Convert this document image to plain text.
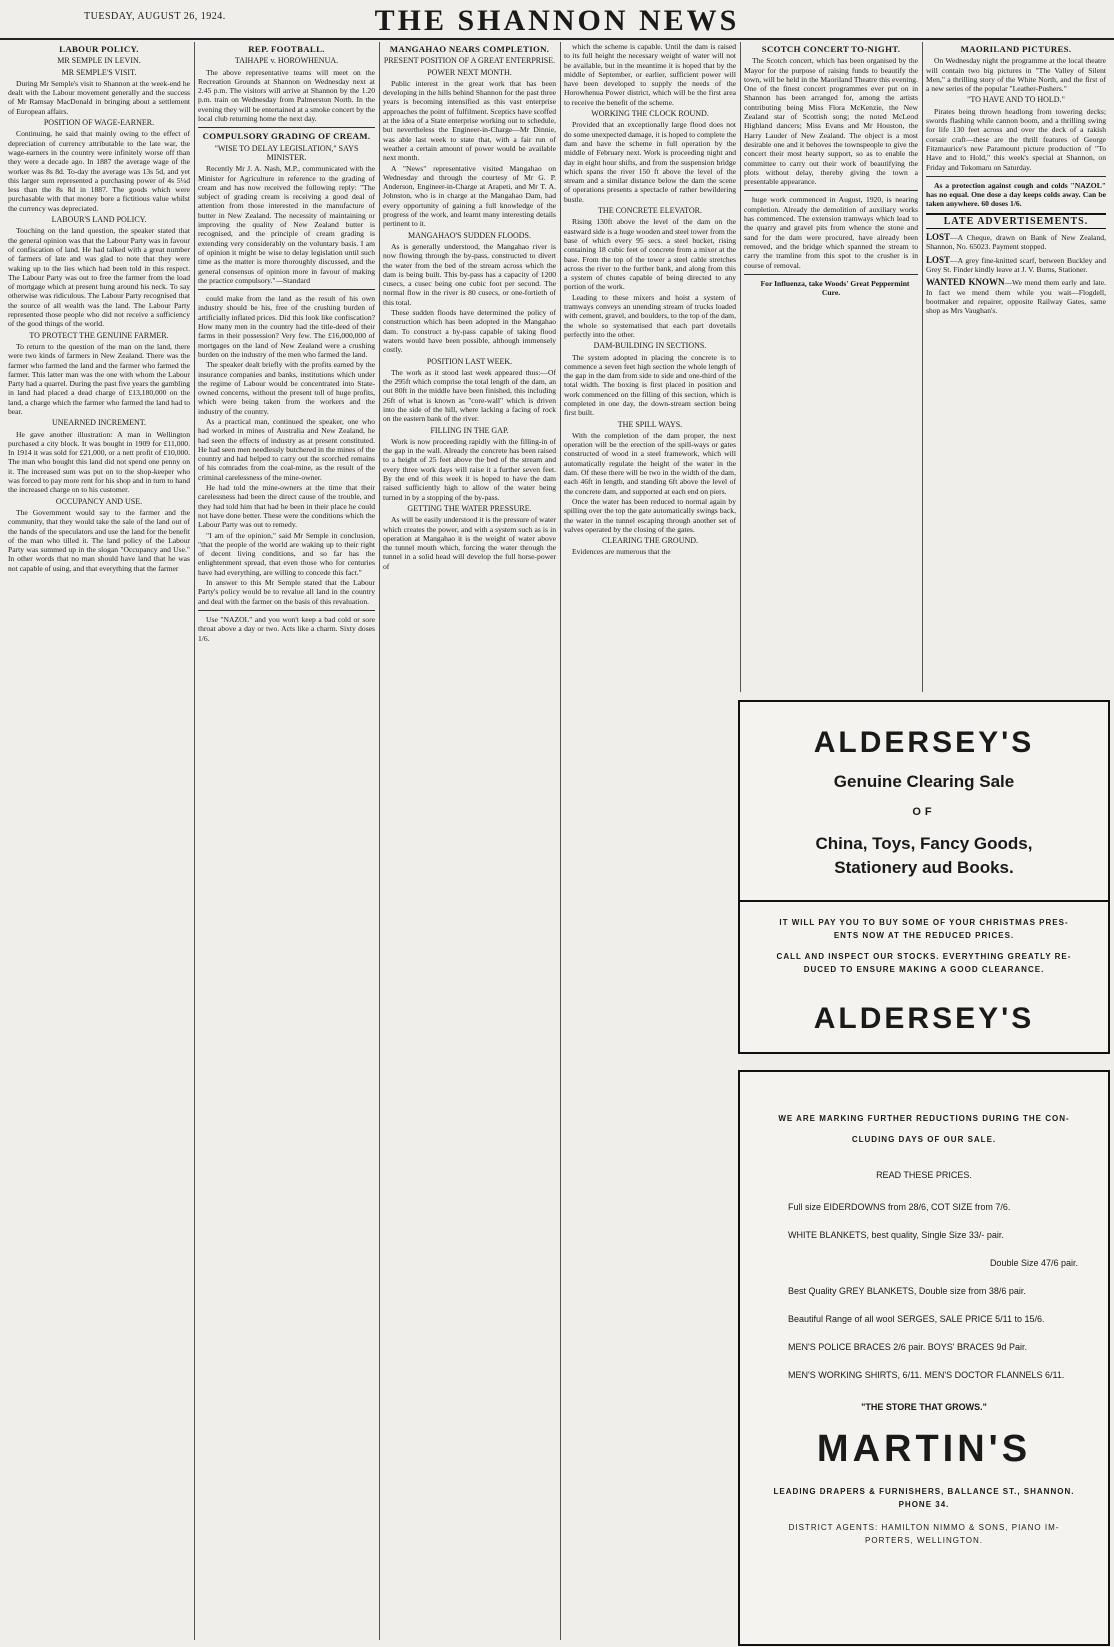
TUESDAY, AUGUST 26, 1924.	THE SHANNON NEWS
LABOUR POLICY.
MR SEMPLE IN LEVIN.
MR SEMPLE'S VISIT.

During Mr Semple's visit to Shannon at the week-end he dealt with the Labour movement generally and the success of Mr Ramsay MacDonald in bringing about a settlement of European affairs.

POSITION OF WAGE-EARNER.

Continuing, he said that mainly owing to the effect of depreciation of currency attributable to the late war, the wage-earners in the country were infinitely worse off than they were a decade ago. In 1887 the average wage of the worker was 8s 8d. To-day the average was 13s 5d, and yet this larger sum represented a purchasing power of 4s 5¼d less than the 8s 8d in 1887. The goods which were purchasable with that money bore a fictitious value whilst the currency was depreciated.

LABOUR'S LAND POLICY.

Touching on the land question, the speaker stated that the general opinion was that the Labour Party was in favour of confiscation of land. He had talked with a great number of farmers of late and was glad to note that they were waking up to the lies which had been told in this respect. The Labour Party was out to free the farmer from the load of mortgage which at present hung around his neck. To say otherwise was ridiculous. The Labour Party recognised that the source of all wealth was the land. The Labour Party represented those people who did not receive a sufficiency of the good things of the world.

TO PROTECT THE GENUINE FARMER.

To return to the question of the man on the land, there were two kinds of farmers in New Zealand. There was the farmer who farmed the land and the farmer who farmed the farmer. This latter man was the one with whom the Labour Party had a quarrel. During the past five years the gambling in land had placed a dead charge of £13,180,000 on the land, a charge which the farmer who farmed the land had to bear.

UNEARNED INCREMENT.

He gave another illustration: A man in Wellington purchased a city block. It was bought in 1909 for £11,000. In 1914 it was sold for £21,000, or a nett profit of £10,000. The man who bought this land did not spend one penny on it. The increased sum was put on to the shop-keeper who was forced to pay more rent for his shop and in turn to hand the increased charge on to his customer.

OCCUPANCY AND USE.

The Government would say to the farmer and the community, that they would take the sale of the land out of the hands of the speculators and use the land for the benefit of the man who tilled it. The land policy of the Labour Party was summed up in the slogan "Occupancy and Use." In other words that no man should have land that he was not capable of using, and that everything that the farmer

REP. FOOTBALL.
TAIHAPE v. HOROWHENUA.

The above representative teams will meet on the Recreation Grounds at Shannon on Wednesday next at 2.45 p.m. The visitors will arrive at Shannon by the 1.20 p.m. train on Wednesday from Palmerston North. In the evening they will be entertained at a smoke concert by the local club returning home the next day.

COMPULSORY GRADING OF CREAM.
"WISE TO DELAY LEGISLATION," SAYS MINISTER.

Recently Mr J. A. Nash, M.P., communicated with the Minister for Agriculture in reference to the grading of cream and has now received the following reply: "The subject of grading cream is receiving a good deal of attention from those interested in the manufacture of butter in New Zealand. The necessity of maintaining or improving the quality of New Zealand butter is recognised, and the principle of cream grading is extending very considerably on the voluntary basis. I am of opinion it might be wise to delay legislation until such time as the matter is more thoroughly discussed, and the general consensus of opinion more in favour of making the practice compulsory."—Standard

could make from the land as the result of his own industry should be his, free of the crushing burden of artificially inflated prices. Did this look like confiscation? How many men in the country had the title-deed of their farms in their possession? Very few. The £16,000,000 of mortgages on the land of New Zealand were a crushing burden on the industry of the men who farmed the land.

The speaker dealt briefly with the profits earned by the insurance companies and banks, institutions which under the regime of Labour would be concentrated into State-owned concerns, without the present toll of huge profits, which were being taken from the workers and the industry of the country.

As a practical man, continued the speaker, one who had worked in mines of Australia and New Zealand, he had seen the effects of industry as at present constituted. He had seen men needlessly butchered in the mines of the country and had helped to carry out the scorched remains of his comrades from the coal-mine, as the result of the criminal carelessness of the mine-owner.

He had told the mine-owners at the time that their carelessness had been the direct cause of the trouble, and they had told him that had he been in their place he could not have done better. These were the conditions which the Labour Party was out to remedy.

"I am of the opinion," said Mr Semple in conclusion, "that the people of the world are waking up to their right of decent living conditions, and so far has the enlightenment spread, that even those who for centuries have had everything, are willing to concede this fact."

In answer to this Mr Semple stated that the Labour Party's policy would be to revalue all land in the country and deal with the farmer on the basis of this revaluation.

Use "NAZOL" and you won't keep a bad cold or sore throat above a day or two. Acts like a charm. Sixty doses 1/6.

MANGAHAO NEARS COMPLETION.
PRESENT POSITION OF A GREAT ENTERPRISE.
POWER NEXT MONTH.

Public interest in the great work that has been developing in the hills behind Shannon for the past three years is becoming intensified as this vast enterprise approaches the point of fulfilment. Sceptics have scoffed at the idea of a State enterprise working out to schedule, but nevertheless the Engineer-in-Charge—Mr Dinnie, was able last week to state that, with a fair run of weather a certain amount of power would be available next month.

A "News" representative visited Mangahao on Wednesday and through the courtesy of Mr G. P. Anderson, Engineer-in-Charge at Arapeti, and Mr T. A. Johnston, who is in charge at the Mangahao Dam, had every opportunity of gaining a full knowledge of the progress of the work, and learnt many interesting details pertinent to it.

MANGAHAO'S SUDDEN FLOODS.

As is generally understood, the Mangahao river is now flowing through the by-pass, constructed to divert the water from the bed of the stream across which the dam is being built. This by-pass has a capacity of 1200 cusecs, a cusec being one cubic foot per second. The normal flow in the river is 80 cusecs, or one-fortieth of this total.

These sudden floods have determined the policy of construction which has been adopted in the Mangahao dam. To construct a by-pass capable of taking flood waters would have been possible, although immensely costly.

POSITION LAST WEEK.

The work as it stood last week appeared thus:—Of the 295ft which comprise the total length of the dam, an out 80ft in the middle have been finished, this including 26ft of what is known as "core-wall" which is driven into the side of the hill, where lacking a facing of rock on the eastern bank of the river.

FILLING IN THE GAP.

Work is now proceeding rapidly with the filling-in of the gap in the wall. Already the concrete has been raised to a height of 25 feet above the bed of the stream and every three work days will raise it a further seven feet. By the end of this week it is hoped to have the dam raised sufficiently high to allow of the water being turned in by a stopping of the by-pass.

GETTING THE WATER PRESSURE.

As will be easily understood it is the pressure of water which creates the power, and with a system such as is in operation at Mangahao it is the weight of water above the tunnel mouth which, forcing the water through the tunnel in a solid head will develop the full horse-power of

which the scheme is capable. Until the dam is raised to its full height the necessary weight of water will not be available, but in the meantime it is hoped that by the middle of September, or earlier, sufficient power will have been developed to supply the needs of the Horowhenua Power district, which will be the first area to receive the benefit of the scheme.

WORKING THE CLOCK ROUND.

Provided that an exceptionally large flood does not do some unexpected damage, it is hoped to complete the dam and have the scheme in full operation by the middle of February next. Work is proceeding night and day in eight hour shifts, and from the suspension bridge which spans the river 150 ft above the level of the stream and a similar distance below the dam the scene of operations presents a spectacle of rather bewildering bustle.

THE CONCRETE ELEVATOR.

Rising 130ft above the level of the dam on the eastward side is a huge wooden and steel tower from the base of which every 95 secs. a steel bucket, rising containing 18 cubic feet of concrete from a mixer at the base. From the top of the tower a steel cable stretches across the river to the further bank, and along from this a system of chutes capable of being directed to any portion of the work.

Leading to these mixers and hoist a system of tramways conveys an unending stream of trucks loaded with cement, gravel, and boulders, to the top of the dam, the whole so systematised that each part dovetails perfectly into the other.

DAM-BUILDING IN SECTIONS.

The system adopted in placing the concrete is to commence a seven feet high section the whole length of the gap in the dam from side to side and one-third of the total width. The boxing is first placed in position and work commenced on the filling of this section, which is completed in one day, the down-stream section being first built.

THE SPILL WAYS.

With the completion of the dam proper, the next operation will be the erection of the spill-ways or gates constructed of wood in a steel framework, which will automatically regulate the height of the water in the dam. Of these there will be two in the width of the dam, each 46ft in length, and standing 6ft above the level of the concrete dam, and supported at each end on piers.

Once the water has been reduced to normal again by spilling over the top the gate automatically swings back, the water in the tunnel escaping through another set of valves operated by the closing of the gates.

CLEARING THE GROUND.

Evidences are numerous that the

SCOTCH CONCERT TO-NIGHT.

The Scotch concert, which has been organised by the Mayor for the purpose of raising funds to beautify the town, will be held in the Maoriland Theatre this evening. One of the finest concert programmes ever put on in Shannon has been arranged for, among the artists contributing being Miss Flora McKenzie, the New Zealand star of Scottish song; the noted McLeod Highland dancers; Miss Evans and Mr Houston, the Harry Lauder of New Zealand. The object is a most desirable one and it behoves the townspeople to give the concert their most hearty support, so as to enable the committee to carry out their work of beautifying the plots without delay, thereby giving the town a presentable appearance.

huge work commenced in August, 1920, is nearing completion. Already the demolition of auxiliary works has commenced. The extension tramways which lead to the quarry and gravel pits from whence the stone and sand for the dam were procured, have already been removed, and the bridge which spanned the stream to carry the tramline from this spot to the crusher is in course of removal.

For Influenza, take Woods' Great Peppermint Cure.

MAORILAND PICTURES.

On Wednesday night the programme at the local theatre will contain two big pictures in "The Valley of Silent Men," a thrilling story of the White North, and the first of a new series of the popular "Leather-Pushers."

"TO HAVE AND TO HOLD."

Pirates being thrown headlong from towering decks; swords flashing while cannon boom, and a thrilling swing for life 130 feet across and over the deck of a rakish corsair craft—these are the thrill features of George Fitzmaurice's new Paramount picture production of "To Have and to Hold," this week's special at Shannon, on Friday and Tokomaru on Saturday.

As a protection against cough and colds "NAZOL" has no equal. One dose a day keeps colds away. Can be taken anywhere. 60 doses 1/6.

LATE ADVERTISEMENTS.
LOST—A Cheque, drawn on Bank of New Zealand, Shannon, No. 65023. Payment stopped.
LOST—A grey fine-knitted scarf, between Buckley and Grey St. Finder kindly leave at J. V. Burns, Stationer.
WANTED KNOWN—We mend them early and late. In fact we mend them while you wait—Flogdell, bootmaker and repairer, opposite Railway Gates, same shop as Mrs Vaughan's.
ALDERSEY'S
Genuine Clearing Sale
OF
China, Toys, Fancy Goods,
Stationery aud Books.
IT WILL PAY YOU TO BUY SOME OF YOUR CHRISTMAS PRES-
ENTS NOW AT THE REDUCED PRICES.
CALL AND INSPECT OUR STOCKS. EVERYTHING GREATLY RE-
DUCED TO ENSURE MAKING A GOOD CLEARANCE.
ALDERSEY'S
WE ARE MARKING FURTHER REDUCTIONS DURING THE CON-
CLUDING DAYS OF OUR SALE.
READ THESE PRICES.
Full size EIDERDOWNS from 28/6, COT SIZE from 7/6.
WHITE BLANKETS, best quality, Single Size 33/- pair.
Double Size 47/6 pair.
Best Quality GREY BLANKETS, Double size from 38/6 pair.
Beautiful Range of all wool SERGES, SALE PRICE 5/11 to 15/6.
MEN'S POLICE BRACES 2/6 pair. BOYS' BRACES 9d Pair.
MEN'S WORKING SHIRTS, 6/11. MEN'S DOCTOR FLANNELS 6/11.
"THE STORE THAT GROWS."
MARTIN'S
LEADING DRAPERS & FURNISHERS, BALLANCE ST., SHANNON.
PHONE 34.
DISTRICT AGENTS: HAMILTON NIMMO & SONS, PIANO IM-
PORTERS, WELLINGTON.
